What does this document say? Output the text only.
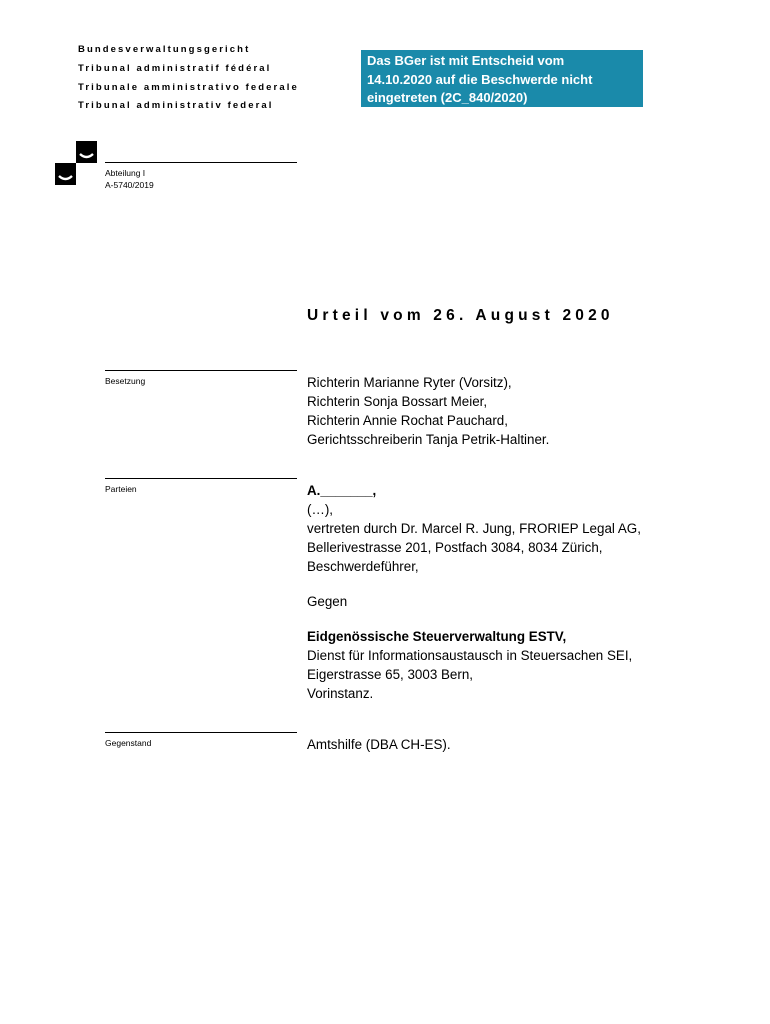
Bundesverwaltungsgericht
Tribunal administratif fédéral
Tribunale amministrativo federale
Tribunal administrativ federal
Das BGer ist mit Entscheid vom
14.10.2020 auf die Beschwerde nicht
eingetreten (2C_840/2020)
Abteilung I
A-5740/2019
Urteil vom 26. August 2020
Besetzung	Richterin Marianne Ryter (Vorsitz),
Richterin Sonja Bossart Meier,
Richterin Annie Rochat Pauchard,
Gerichtsschreiberin Tanja Petrik-Haltiner.
Parteien	A._______,
(…),
vertreten durch Dr. Marcel R. Jung, FRORIEP Legal AG,
Bellerivestrasse 201, Postfach 3084, 8034 Zürich,
Beschwerdeführer,
Gegen
Eidgenössische Steuerverwaltung ESTV,
Dienst für Informationsaustausch in Steuersachen SEI,
Eigerstrasse 65, 3003 Bern,
Vorinstanz.
Gegenstand	Amtshilfe (DBA CH-ES).
